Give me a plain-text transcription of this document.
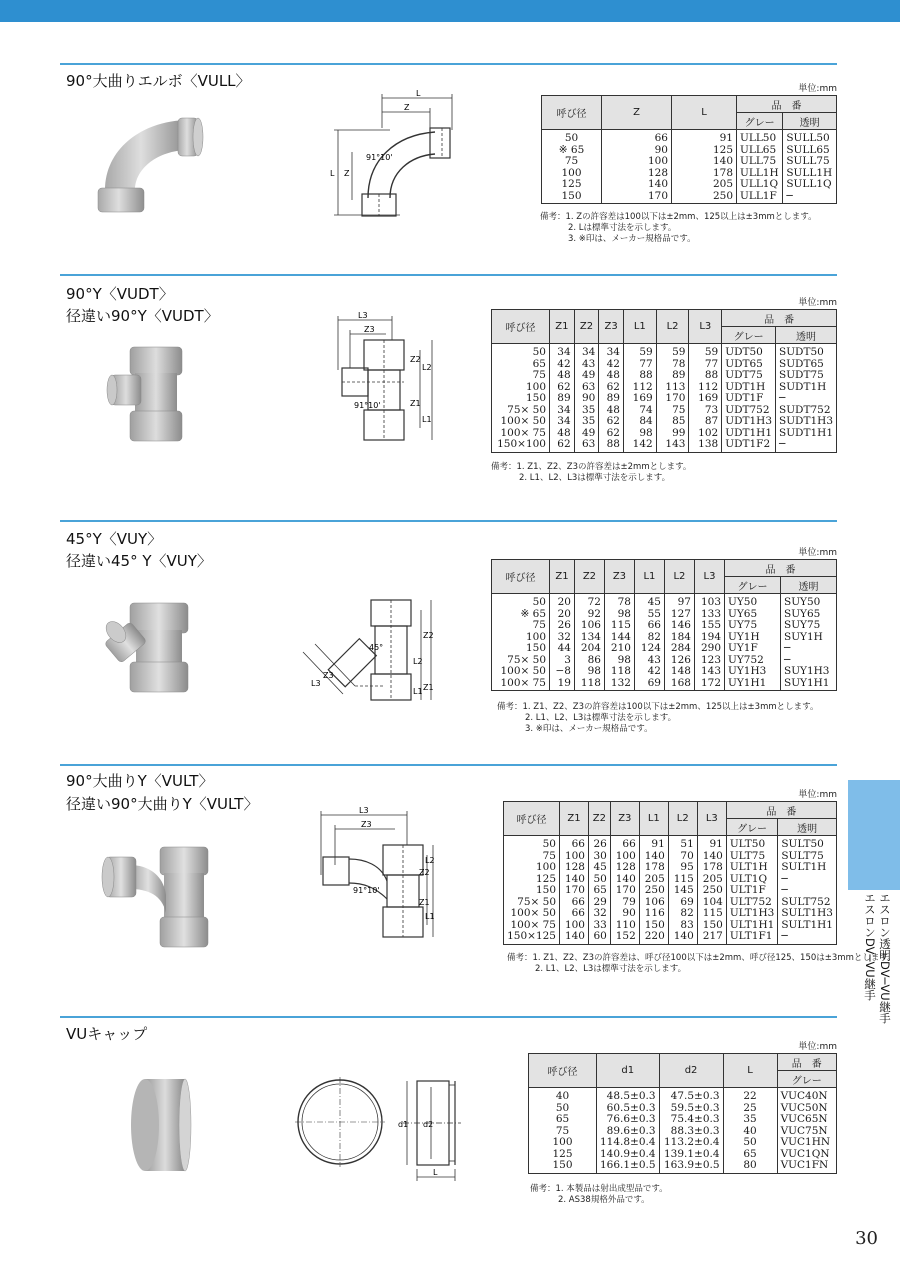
90°大曲りエルボ〈VULL〉
L
Z
L Z
91°10'
単位:mm
呼び径	Z	L	品　番	
			グレー	透明
50	66	91	ULL50	SULL50
※ 65	90	125	ULL65	SULL65
75	100	140	ULL75	SULL75
100	128	178	ULL1H	SULL1H
125	140	205	ULL1Q	SULL1Q
150	170	250	ULL1F	─
備考：1. Zの許容差は100以下は±2mm、125以上は±3mmとします。
2. Lは標準寸法を示します。
3. ※印は、メーカー規格品です。
90°Y〈VUDT〉
径違い90°Y〈VUDT〉	L3
Z3
L2
Z2
Z1
L1
91°10'
単位:mm
呼び径	Z1	Z2	Z3	L1	L2	L3	品　番	
							グレー	透明
50	34	34	34	59	59	59	UDT50	SUDT50
65	42	43	42	77	78	77	UDT65	SUDT65
75	48	49	48	88	89	88	UDT75	SUDT75
100	62	63	62	112	113	112	UDT1H	SUDT1H
150	89	90	89	169	170	169	UDT1F	─
75× 50	34	35	48	74	75	73	UDT752	SUDT752
100× 50	34	35	62	84	85	87	UDT1H3	SUDT1H3
100× 75	48	49	62	98	99	102	UDT1H1	SUDT1H1
150×100	62	63	88	142	143	138	UDT1F2	─
備考：1. Z1、Z2、Z3の許容差は±2mmとします。
2. L1、L2、L3は標準寸法を示します。
45°Y〈VUY〉
径違い45° Y〈VUY〉
45°
Z2
Z1
L2
L1
Z3
L3
単位:mm
呼び径	Z1	Z2	Z3	L1	L2	L3	品　番	
							グレー	透明
50	20	72	78	45	97	103	UY50	SUY50
※ 65	20	92	98	55	127	133	UY65	SUY65
75	26	106	115	66	146	155	UY75	SUY75
100	32	134	144	82	184	194	UY1H	SUY1H
150	44	204	210	124	284	290	UY1F	─
75× 50	3	86	98	43	126	123	UY752	─
100× 50	−8	98	118	42	148	143	UY1H3	SUY1H3
100× 75	19	118	132	69	168	172	UY1H1	SUY1H1
備考：1. Z1、Z2、Z3の許容差は100以下は±2mm、125以上は±3mmとします。
2. L1、L2、L3は標準寸法を示します。
3. ※印は、メーカー規格品です。
90°大曲りY〈VULT〉
径違い90°大曲りY〈VULT〉	L3
Z3
L2
Z2
Z1
L1
91°10'
単位:mm
呼び径	Z1	Z2	Z3	L1	L2	L3	品　番	
							グレー	透明
50	66	26	66	91	51	91	ULT50	SULT50
75	100	30	100	140	70	140	ULT75	SULT75
100	128	45	128	178	95	178	ULT1H	SULT1H
125	140	50	140	205	115	205	ULT1Q	─
150	170	65	170	250	145	250	ULT1F	─
75× 50	66	29	79	106	69	104	ULT752	SULT752
100× 50	66	32	90	116	82	115	ULT1H3	SULT1H3
100× 75	100	33	110	150	83	150	ULT1H1	SULT1H1
150×125	140	60	152	220	140	217	ULT1F1	─
備考：1. Z1、Z2、Z3の許容差は、呼び径100以下は±2mm、呼び径125、150は±3mmとします。
2. L1、L2、L3は標準寸法を示します。
VUキャップ
d1 d2
L
単位:mm
呼び径	d1	d2	L	品　番
				グレー
40	48.5±0.3	47.5±0.3	22	VUC40N
50	60.5±0.3	59.5±0.3	25	VUC50N
65	76.6±0.3	75.4±0.3	35	VUC65N
75	89.6±0.3	88.3±0.3	40	VUC75N
100	114.8±0.4	113.2±0.4	50	VUC1HN
125	140.9±0.4	139.1±0.4	65	VUC1QN
150	166.1±0.5	163.9±0.5	80	VUC1FN
備考：1. 本製品は射出成型品です。
2. AS38規格外品です。
エスロン透明DV─VU継手
エスロンDV─VU継手
30
